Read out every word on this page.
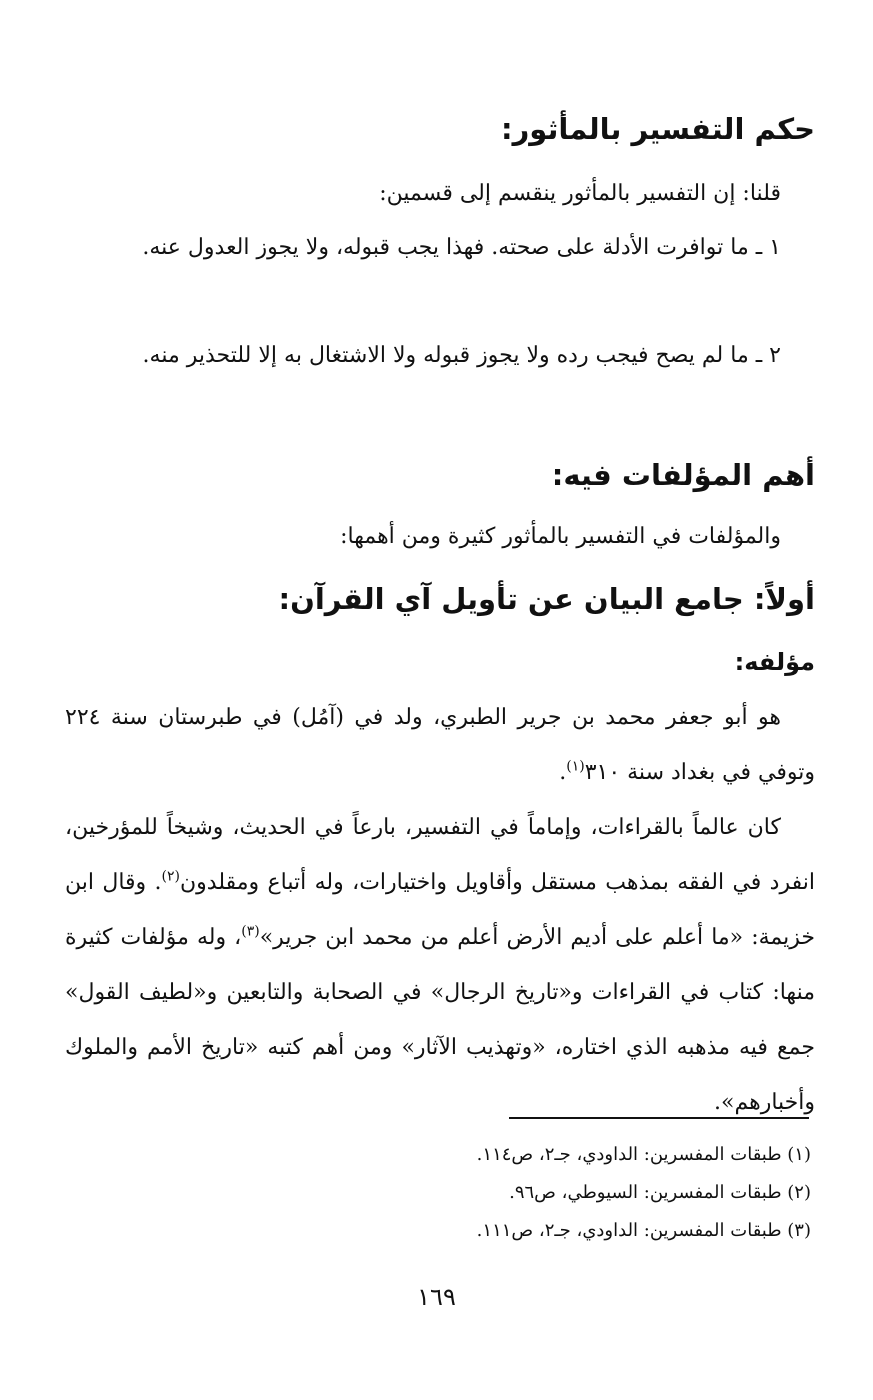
حكم التفسير بالمأثور:
قلنا: إن التفسير بالمأثور ينقسم إلى قسمين:
١ ـ ما توافرت الأدلة على صحته. فهذا يجب قبوله، ولا يجوز العدول عنه.
٢ ـ ما لم يصح فيجب رده ولا يجوز قبوله ولا الاشتغال به إلا للتحذير منه.
أهم المؤلفات فيه:
والمؤلفات في التفسير بالمأثور كثيرة ومن أهمها:
أولاً: جامع البيان عن تأويل آي القرآن:
مؤلفه:
هو أبو جعفر محمد بن جرير الطبري، ولد في (آمُل) في طبرستان سنة ٢٢٤ وتوفي في بغداد سنة ٣١٠$^{(١)}$.
كان عالماً بالقراءات، وإماماً في التفسير، بارعاً في الحديث، وشيخاً للمؤرخين، انفرد في الفقه بمذهب مستقل وأقاويل واختيارات، وله أتباع ومقلدون$^{(٢)}$. وقال ابن خزيمة: «ما أعلم على أديم الأرض أعلم من محمد ابن جرير»$^{(٣)}$، وله مؤلفات كثيرة منها: كتاب في القراءات و«تاريخ الرجال» في الصحابة والتابعين و«لطيف القول» جمع فيه مذهبه الذي اختاره، «وتهذيب الآثار» ومن أهم كتبه «تاريخ الأمم والملوك وأخبارهم».
(١) طبقات المفسرين: الداودي، جـ٢، ص١١٤.
(٢) طبقات المفسرين: السيوطي، ص٩٦.
(٣) طبقات المفسرين: الداودي، جـ٢، ص١١١.
١٦٩
